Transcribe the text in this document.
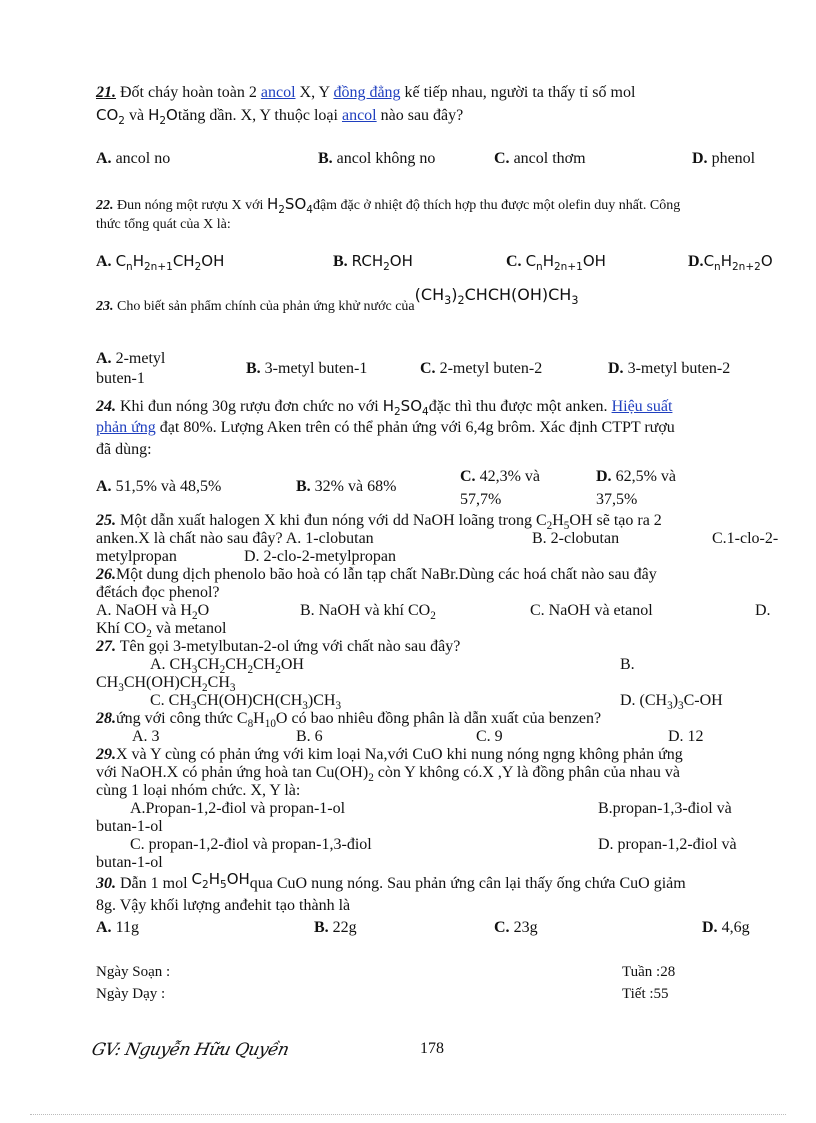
21. Đốt cháy hoàn toàn 2 ancol X, Y đồng đẳng kế tiếp nhau, người ta thấy tỉ số mol
$CO_2$ và $H_2Otăng$ dần. X, Y thuộc loại ancol nào sau đây?
A. ancol no	B. ancol không no	C. ancol thơm	D. phenol
22. Đun nóng một rượu X với $H_2SO_4đậm$ đặc ở nhiệt độ thích hợp thu được một olefin duy nhất. Công
thức tổng quát của X là:
A. $C_nH_{2n+1}CH_2OH$	B. $RCH_2OH$	C. $C_nH_{2n+1}OH$	$D.C_nH_{2n+2}O$
23. Cho biết sản phẩm chính của phản ứng khử nước $của(CH_3)_2CHCH(OH)CH_3$
A. 2-metyl
buten-1
B. 3-metyl buten-1	C. 2-metyl buten-2	D. 3-metyl buten-2
24. Khi đun nóng 30g rượu đơn chức no với $H_2SO_4đặc$ thì thu được một anken. Hiệu suất
phản ứng đạt 80%. Lượng Aken trên có thể phản ứng với 6,4g brôm. Xác định CTPT rượu
đã dùng:
A. 51,5% và 48,5%	B. 32% và 68%
C. 42,3% và
57,7%
D. 62,5% và
37,5%
25. Một dẫn xuất halogen X khi đun nóng với dd NaOH loãng trong $C_2H_5OH$ sẽ tạo ra 2
anken.X là chất nào sau đây? A. 1-clobutan	B. 2-clobutan	C.1-clo-2-
metylpropan	D. 2-clo-2-metylpropan
26.Một dung dịch phenolo bão hoà có lẫn tạp chất NaBr.Dùng các hoá chất nào sau đây
đểtách đọc phenol?
A. NaOH và $H_2O$	B. NaOH và khí $CO_2$	C. NaOH và etanol	D.
Khí $CO_2$ và metanol
27. Tên gọi 3-metylbutan-2-ol ứng với chất nào sau đây?
A. $CH_3CH_2CH_2CH_2OH$	B.
$CH_3CH(OH)CH_2CH_3$
C. $CH_3CH(OH)CH(CH_3)CH_3$	D. $(CH_3)_3C-OH$
28.ứng với công thức $C_8H_{10}O$ có bao nhiêu đồng phân là dẫn xuất của benzen?
A. 3	B. 6	C. 9	D. 12
29.X và Y cùng có phản ứng với kim loại Na,với CuO khi nung nóng ngng không phản ứng
với NaOH.X có phản ứng hoà $\tan Cu(OH)_2$ còn Y không có.X ,Y là đồng phân của nhau và
cùng 1 loại nhóm chức. X, Y là:
A.Propan-1,2-điol và propan-1-ol	B.propan-1,3-điol và
butan-1-ol
C. propan-1,2-điol và propan-1,3-điol	D. propan-1,2-điol và
butan-1-ol
30. Dẫn 1 mol $C_2H_5OHqua$ CuO nung nóng. Sau phản ứng cân lại thấy ống chứa CuO giảm
8g. Vậy khối lượng anđehit tạo thành là
A. 11g	B. 22g	C. 23g	D. 4,6g
Ngày Soạn :
Ngày Dạy :
Tuần :28
Tiết :55
GV: Nguyễn Hữu Quyền	178
